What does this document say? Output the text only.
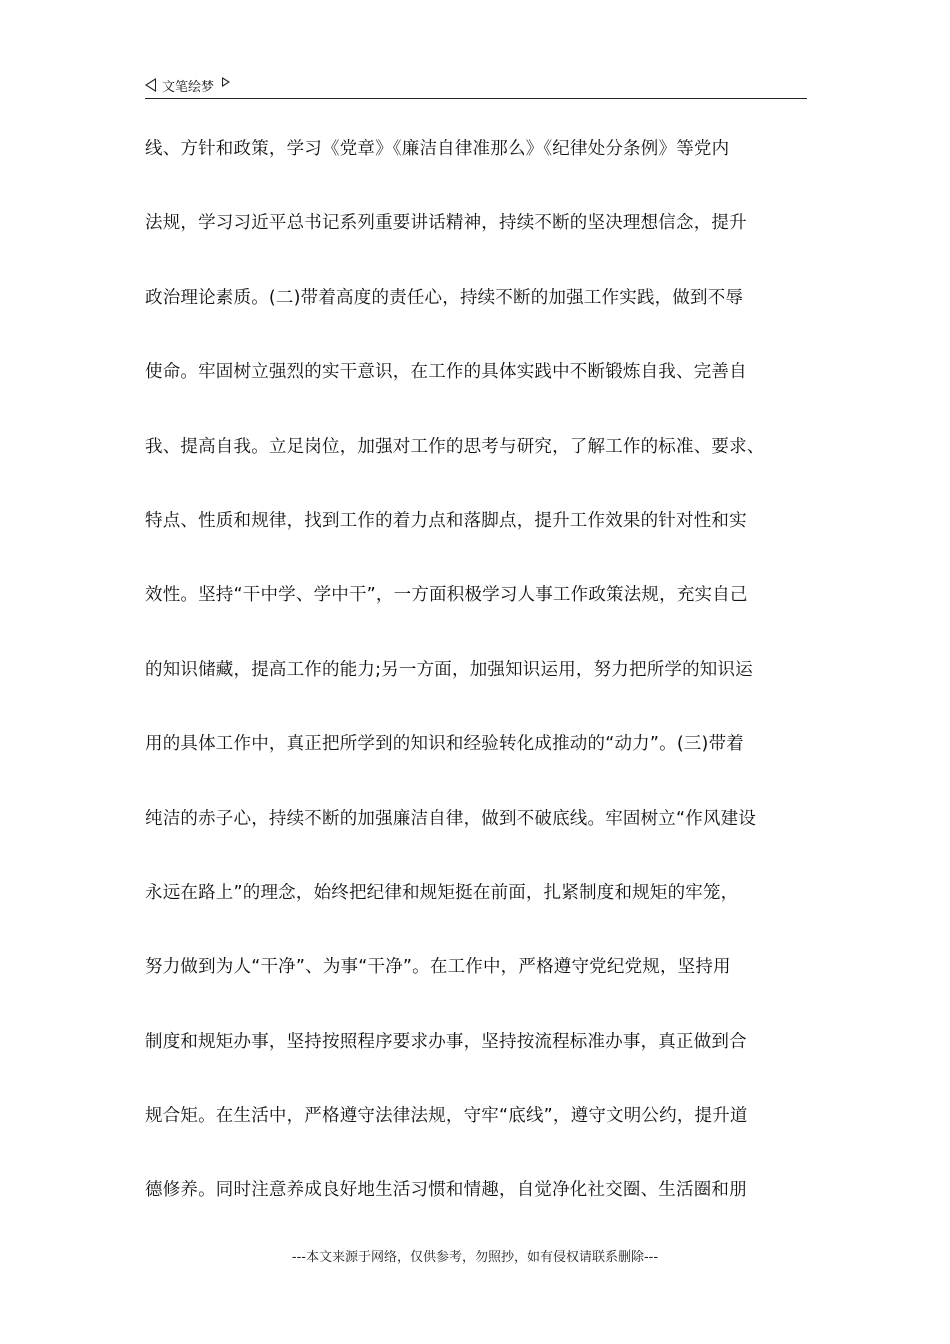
文笔绘梦
线、方针和政策，学习《党章》《廉洁自律准那么》《纪律处分条例》等党内
法规，学习习近平总书记系列重要讲话精神，持续不断的坚决理想信念，提升
政治理论素质。(二)带着高度的责任心，持续不断的加强工作实践，做到不辱
使命。牢固树立强烈的实干意识，在工作的具体实践中不断锻炼自我、完善自
我、提高自我。立足岗位，加强对工作的思考与研究，了解工作的标准、要求、
特点、性质和规律，找到工作的着力点和落脚点，提升工作效果的针对性和实
效性。坚持“干中学、学中干”，一方面积极学习人事工作政策法规，充实自己
的知识储藏，提高工作的能力;另一方面，加强知识运用，努力把所学的知识运
用的具体工作中，真正把所学到的知识和经验转化成推动的“动力”。(三)带着
纯洁的赤子心，持续不断的加强廉洁自律，做到不破底线。牢固树立“作风建设
永远在路上”的理念，始终把纪律和规矩挺在前面，扎紧制度和规矩的牢笼，
努力做到为人“干净”、为事“干净”。在工作中，严格遵守党纪党规，坚持用
制度和规矩办事，坚持按照程序要求办事，坚持按流程标准办事，真正做到合
规合矩。在生活中，严格遵守法律法规，守牢“底线”，遵守文明公约，提升道
德修养。同时注意养成良好地生活习惯和情趣，自觉净化社交圈、生活圈和朋
---本文来源于网络，仅供参考，勿照抄，如有侵权请联系删除---
